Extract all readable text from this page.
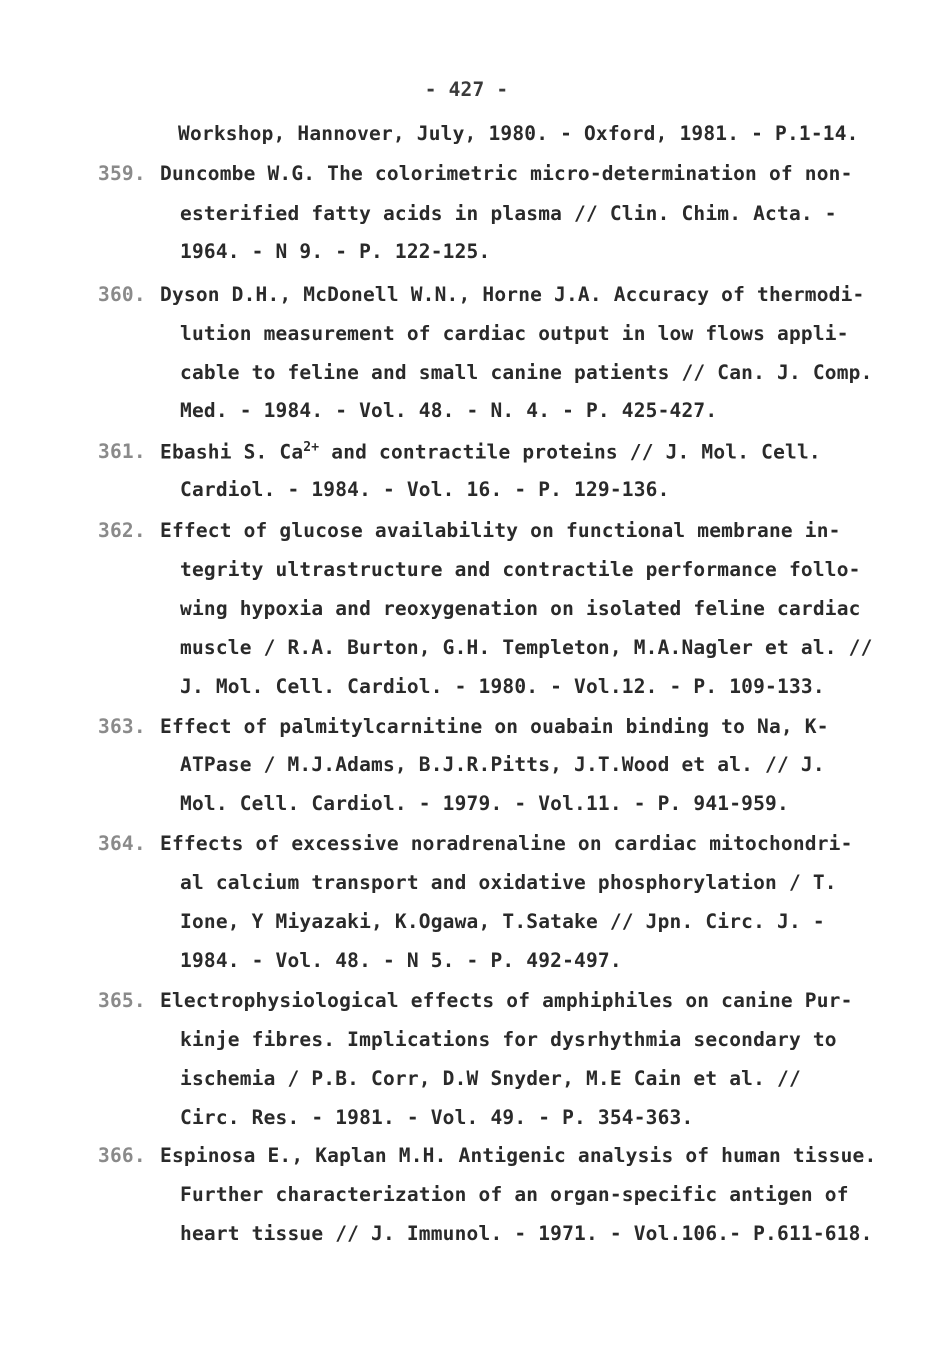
- 427 -
Workshop, Hannover, July, 1980. - Oxford, 1981. - P.1-14.
359. Duncombe W.G. The colorimetric micro-determination of non-
esterified fatty acids in plasma // Clin. Chim. Acta. -
1964. - N 9. - P. 122-125.
360. Dyson D.H., McDonell W.N., Horne J.A. Accuracy of thermodi-
lution measurement of cardiac output in low flows appli-
cable to feline and small canine patients // Can. J. Comp.
Med. - 1984. - Vol. 48. - N. 4. - P. 425-427.
361. Ebashi S. $Ca^{2+}$ and contractile proteins // J. Mol. Cell.
Cardiol. - 1984. - Vol. 16. - P. 129-136.
362. Effect of glucose availability on functional membrane in-
tegrity ultrastructure and contractile performance follo-
wing hypoxia and reoxygenation on isolated feline cardiac
muscle / R.A. Burton, G.H. Templeton, M.A.Nagler et al. //
J. Mol. Cell. Cardiol. - 1980. - Vol.12. - P. 109-133.
363. Effect of palmitylcarnitine on ouabain binding to Na, K-
ATPase / M.J.Adams, B.J.R.Pitts, J.T.Wood et al. // J.
Mol. Cell. Cardiol. - 1979. - Vol.11. - P. 941-959.
364. Effects of excessive noradrenaline on cardiac mitochondri-
al calcium transport and oxidative phosphorylation / T.
Ione, Y Miyazaki, K.Ogawa, T.Satake // Jpn. Circ. J. -
1984. - Vol. 48. - N 5. - P. 492-497.
365. Electrophysiological effects of amphiphiles on canine Pur-
kinje fibres. Implications for dysrhythmia secondary to
ischemia / P.B. Corr, D.W Snyder, M.E Cain et al. //
Circ. Res. - 1981. - Vol. 49. - P. 354-363.
366. Espinosa E., Kaplan M.H. Antigenic analysis of human tissue.
Further characterization of an organ-specific antigen of
heart tissue // J. Immunol. - 1971. - Vol.106.- P.611-618.
